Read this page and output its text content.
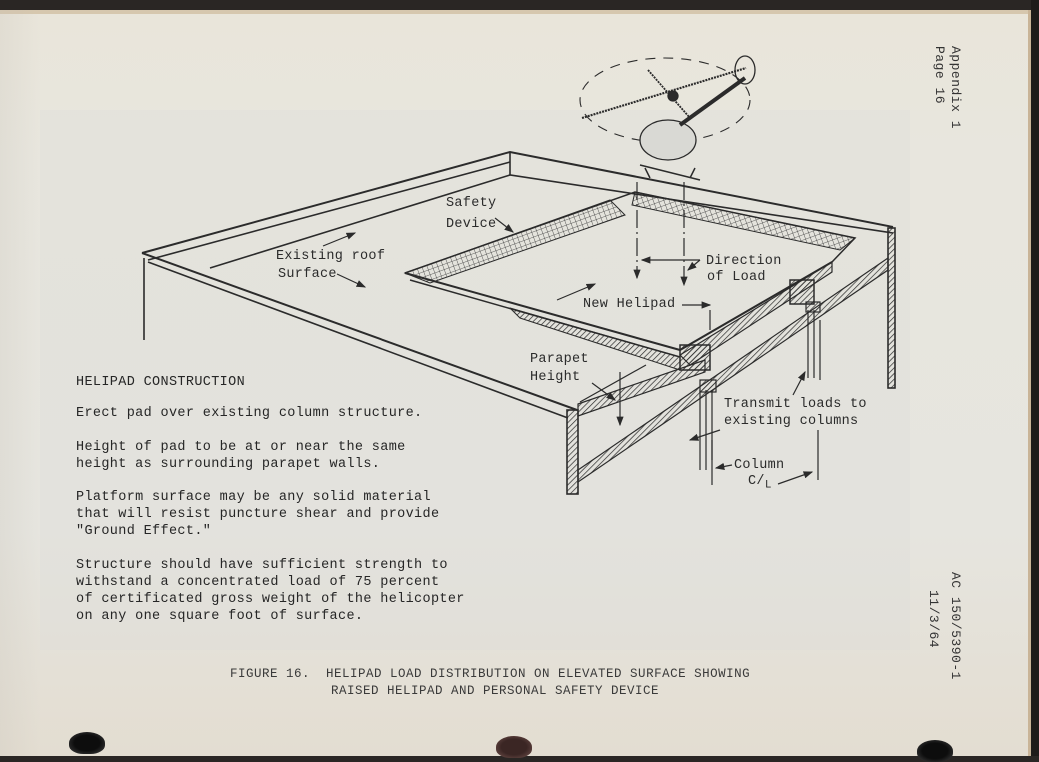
Safety
Device
Existing roof
Surface
Direction
of Load
New Helipad
Parapet
Height
Transmit loads to
existing columns
Column
$C/_L$
HELIPAD CONSTRUCTION
Erect pad over existing column structure.
Height of pad to be at or near the same
height as surrounding parapet walls.
Platform surface may be any solid material
that will resist puncture shear and provide
"Ground Effect."
Structure should have sufficient strength to
withstand a concentrated load of 75 percent
of certificated gross weight of the helicopter
on any one square foot of surface.
FIGURE 16.  HELIPAD LOAD DISTRIBUTION ON ELEVATED SURFACE SHOWING
RAISED HELIPAD AND PERSONAL SAFETY DEVICE
Appendix 1
Page 16
AC 150/5390-1
11/3/64
